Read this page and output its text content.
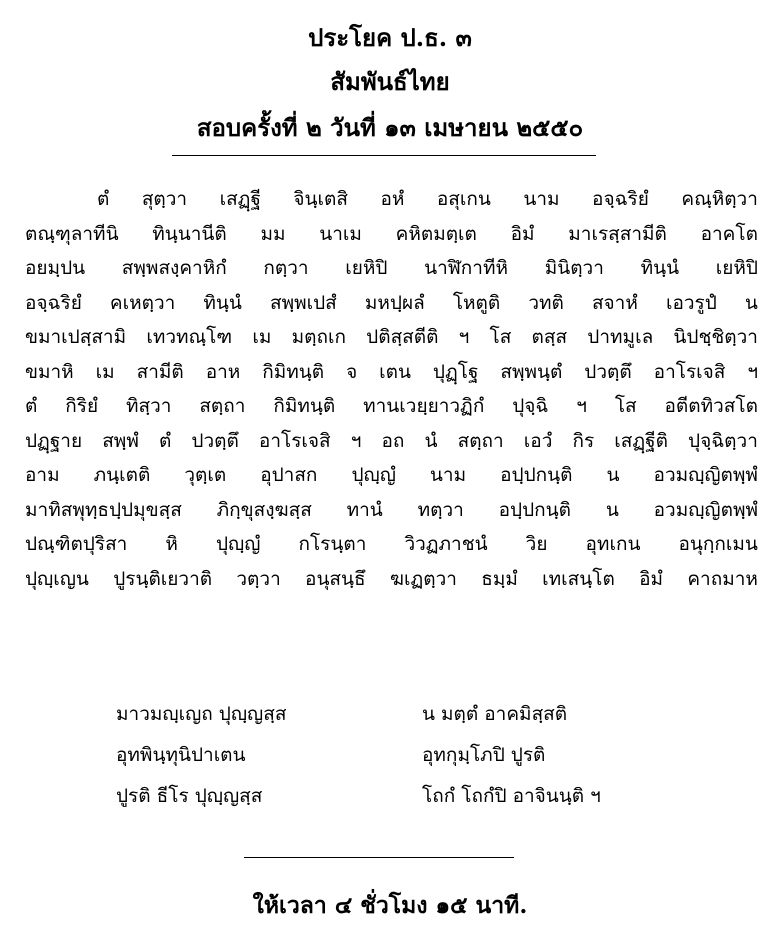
ประโยค ป.ธ. ๓
สัมพันธ์ไทย
สอบครั้งที่ ๒ วันที่ ๑๓ เมษายน ๒๕๕๐
ตํ สุตฺวา เสฏฺฐี จินฺเตสิ อหํ อสุเกน นาม อจฺฉริยํ คณฺหิตฺวา
ตณฺฑุลาทีนิ ทินฺนานีติ มม นาเม คหิตมตฺเต อิมํ มาเรสฺสามีติ อาคโต
อยมฺปน สพฺพสงฺคาหิกํ กตฺวา เยหิปิ นาฬิกาทีหิ มินิตฺวา ทินฺนํ เยหิปิ
อจฺฉริยํ คเหตฺวา ทินฺนํ สพฺพเปสํ มหปฺผลํ โหตูติ วทติ สจาหํ เอวรูปํ น
ขมาเปสฺสามิ เทวทณฺโฑ เม มตฺถเก ปติสฺสตีติ ฯ โส ตสฺส ปาทมูเล นิปชฺชิตฺวา
ขมาหิ เม สามีติ อาห กิมิทนฺติ จ เตน ปุฏฺโฐ สพฺพนฺตํ ปวตฺตึ อาโรเจสิ ฯ
ตํ กิริยํ ทิสฺวา สตฺถา กิมิทนฺติ ทานเวยฺยาวฏิกํ ปุจฺฉิ ฯ โส อตีตทิวสโต
ปฏฺฐาย สพฺพํ ตํ ปวตฺตึ อาโรเจสิ ฯ อถ นํ สตฺถา เอวํ กิร เสฏฺฐีติ ปุจฺฉิตฺวา
อาม ภนฺเตติ วุตฺเต อุปาสก ปุญฺญํ นาม อปฺปกนฺติ น อวมญฺญิตพฺพํ
มาทิสพุทฺธปฺปมุขสฺส ภิกฺขุสงฺฆสฺส ทานํ ทตฺวา อปฺปกนฺติ น อวมญฺญิตพฺพํ
ปณฺฑิตปุริสา หิ ปุญฺญํ กโรนฺตา วิวฏภาชนํ วิย อุทเกน อนุกฺกเมน
ปุญฺเญน ปูรนฺติเยวาติ วตฺวา อนุสนฺธึ ฆเฏตฺวา ธมฺมํ เทเสนฺโต อิมํ คาถมาห
มาวมญฺเญถ ปุญฺญสฺส	น มตฺตํ อาคมิสฺสติ
อุทพินฺทุนิปาเตน	อุทกุมฺโภปิ ปูรติ
ปูรติ ธีโร ปุญฺญสฺส	โถกํ โถกํปิ อาจินนฺติ ฯ
ให้เวลา ๔ ชั่วโมง ๑๕ นาที.
